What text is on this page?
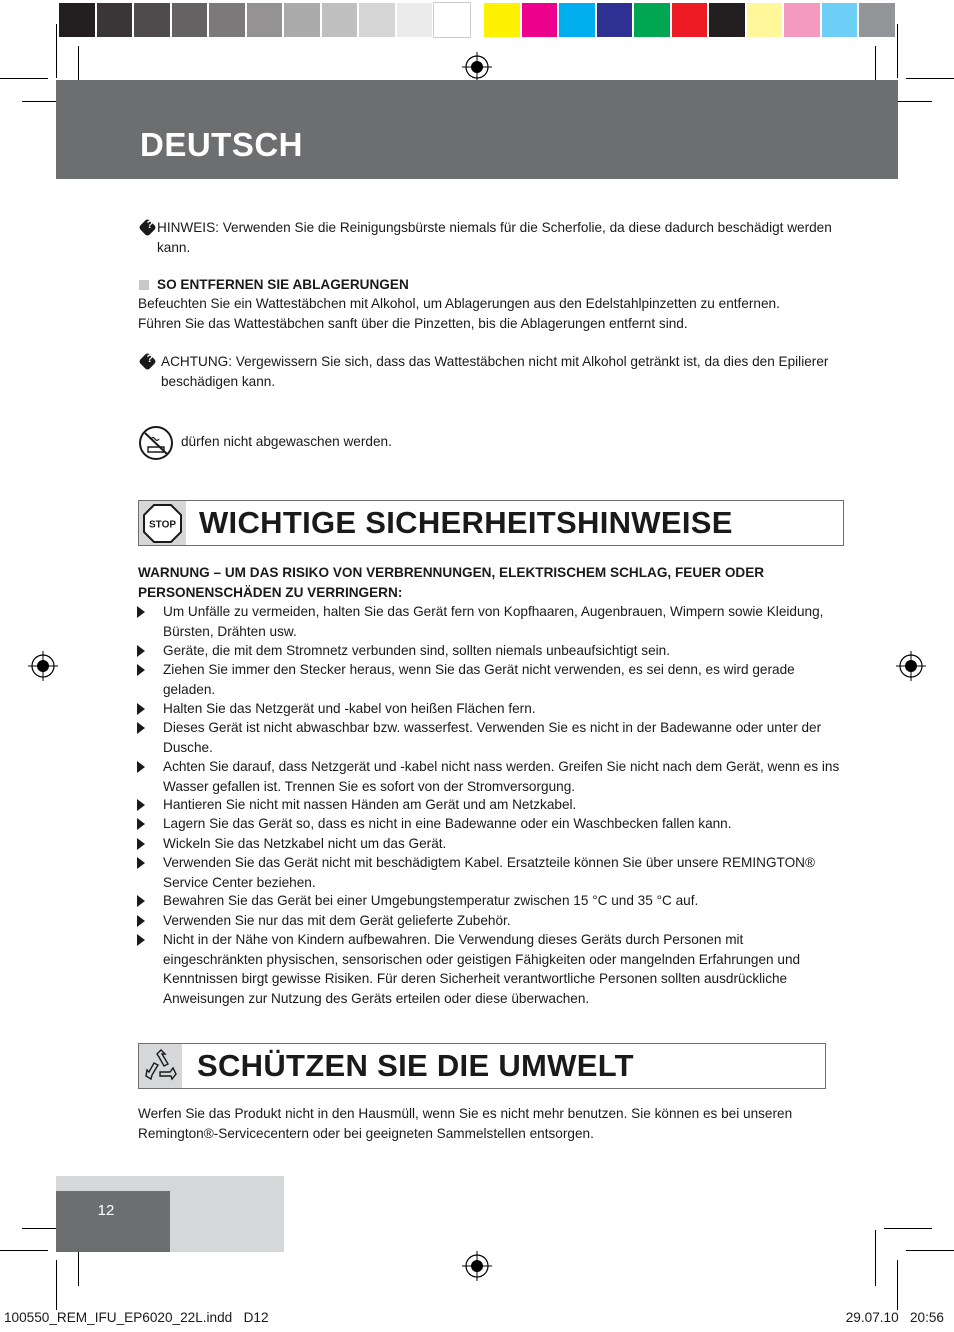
DEUTSCH
?
HINWEIS: Verwenden Sie die Reinigungsbürste niemals für die Scherfolie, da diese dadurch beschädigt werden kann.
SO ENTFERNEN SIE ABLAGERUNGEN
Befeuchten Sie ein Wattestäbchen mit Alkohol, um Ablagerungen aus den Edelstahlpinzetten zu entfernen.
Führen Sie das Wattestäbchen sanft über die Pinzetten, bis die Ablagerungen entfernt sind.
?
ACHTUNG: Vergewissern Sie sich, dass das Wattestäbchen nicht mit Alkohol getränkt ist, da dies den Epilierer beschädigen kann.
dürfen nicht abgewaschen werden.
STOP WICHTIGE SICHERHEITSHINWEISE
WARNUNG – UM DAS RISIKO VON VERBRENNUNGEN, ELEKTRISCHEM SCHLAG, FEUER ODER PERSONENSCHÄDEN ZU VERRINGERN:
Um Unfälle zu vermeiden, halten Sie das Gerät fern von Kopfhaaren, Augenbrauen, Wimpern sowie Kleidung, Bürsten, Drähten usw.
Geräte, die mit dem Stromnetz verbunden sind, sollten niemals unbeaufsichtigt sein.
Ziehen Sie immer den Stecker heraus, wenn Sie das Gerät nicht verwenden, es sei denn, es wird gerade geladen.
Halten Sie das Netzgerät und -kabel von heißen Flächen fern.
Dieses Gerät ist nicht abwaschbar bzw. wasserfest. Verwenden Sie es nicht in der Badewanne oder unter der Dusche.
Achten Sie darauf, dass Netzgerät und -kabel nicht nass werden. Greifen Sie nicht nach dem Gerät, wenn es ins Wasser gefallen ist. Trennen Sie es sofort von der Stromversorgung.
Hantieren Sie nicht mit nassen Händen am Gerät und am Netzkabel.
Lagern Sie das Gerät so, dass es nicht in eine Badewanne oder ein Waschbecken fallen kann.
Wickeln Sie das Netzkabel nicht um das Gerät.
Verwenden Sie das Gerät nicht mit beschädigtem Kabel. Ersatzteile können Sie über unsere REMINGTON® Service Center beziehen.
Bewahren Sie das Gerät bei einer Umgebungstemperatur zwischen 15 °C und 35 °C auf.
Verwenden Sie nur das mit dem Gerät gelieferte Zubehör.
Nicht in der Nähe von Kindern aufbewahren. Die Verwendung dieses Geräts durch Personen mit eingeschränkten physischen, sensorischen oder geistigen Fähigkeiten oder mangelnden Erfahrungen und Kenntnissen birgt gewisse Risiken. Für deren Sicherheit verantwortliche Personen sollten ausdrückliche Anweisungen zur Nutzung des Geräts erteilen oder diese überwachen.
SCHÜTZEN SIE DIE UMWELT
Werfen Sie das Produkt nicht in den Hausmüll, wenn Sie es nicht mehr benutzen. Sie können es bei unseren Remington®-Servicecentern oder bei geeigneten Sammelstellen entsorgen.
12
100550_REM_IFU_EP6020_22L.indd   D12	29.07.10   20:56
